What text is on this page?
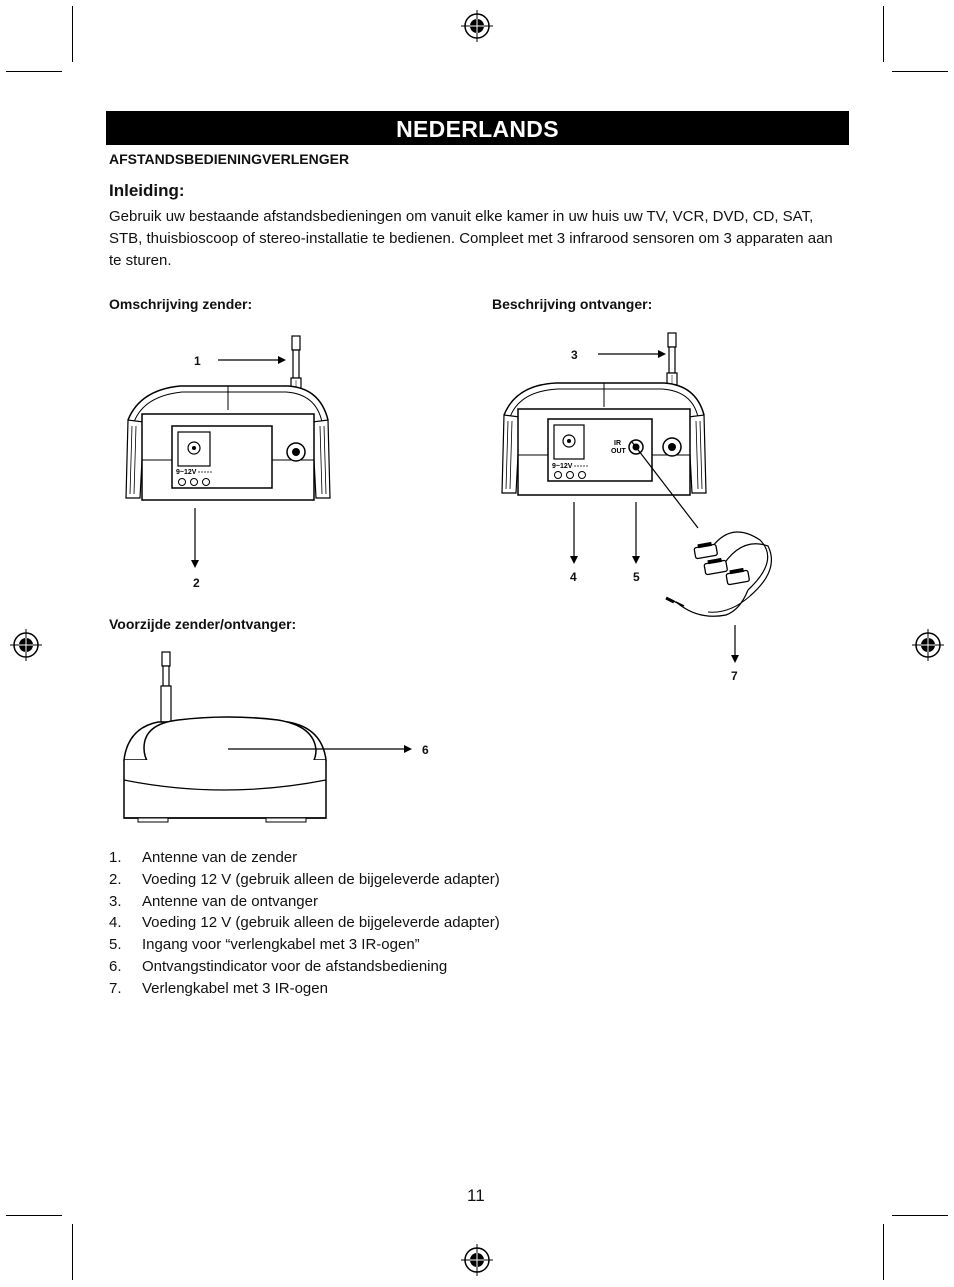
NEDERLANDS
AFSTANDSBEDIENINGVERLENGER
Inleiding:
Gebruik uw bestaande afstandsbedieningen om vanuit elke kamer in uw huis uw TV, VCR, DVD, CD, SAT, STB, thuisbioscoop of stereo-installatie te bedienen. Compleet met 3 infrarood sensoren om 3 apparaten aan te sturen.
Omschrijving zender:	Beschrijving ontvanger:
Voorzijde zender/ontvanger:
9~12V
1
2
9~12V
IR
OUT
3
4	5
7
6
1. Antenne van de zender
2. Voeding 12 V (gebruik alleen de bijgeleverde adapter)
3. Antenne van de ontvanger
4. Voeding 12 V (gebruik alleen de bijgeleverde adapter)
5. Ingang voor “verlengkabel met 3 IR-ogen”
6. Ontvangstindicator voor de afstandsbediening
7. Verlengkabel met 3 IR-ogen
11
